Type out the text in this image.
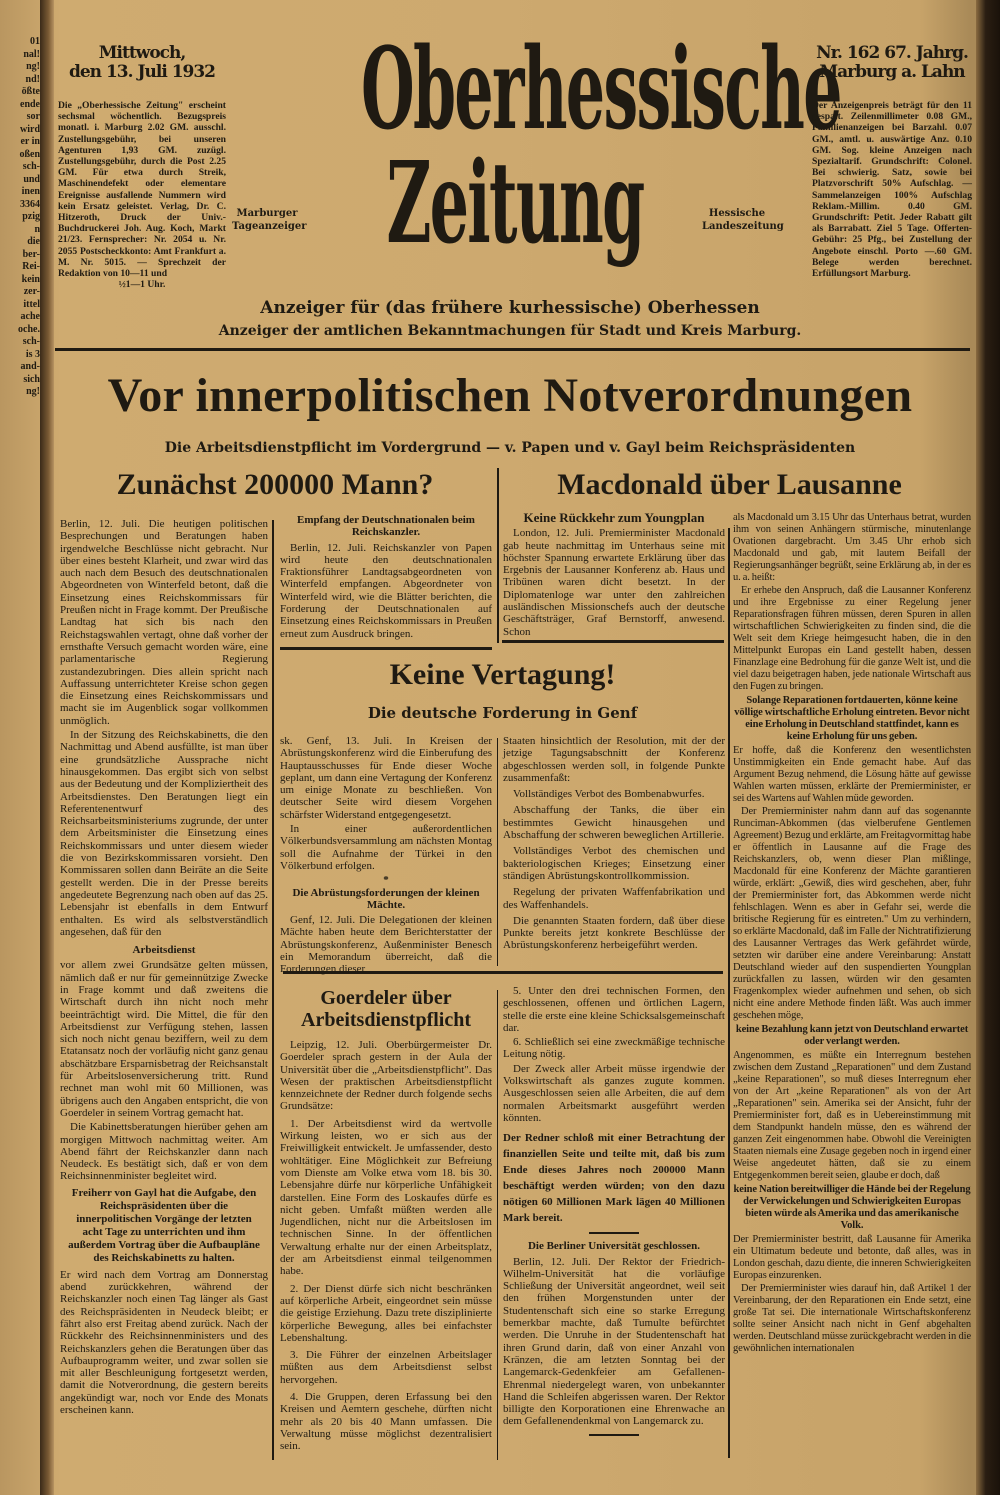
01
nal!
ng!
nd!
ößte
ende
sor
wird
er in
oßen
sch-
und
inen
3364
pzig
n
die
ber-
Rei-
kein
zer-
ittel
ache
oche.
sch-
is 3
and-
sich
ng!
Mittwoch,
den 13. Juli 1932
Die „Oberhessische Zeitung" erscheint sechsmal wöchentlich. Bezugspreis monatl. i. Marburg 2.02 GM. ausschl. Zustellungsgebühr, bei unseren Agenturen 1,93 GM. zuzügl. Zustellungsgebühr, durch die Post 2.25 GM. Für etwa durch Streik, Maschinendefekt oder elementare Ereignisse ausfallende Nummern wird kein Ersatz geleistet. Verlag, Dr. C. Hitzeroth, Druck der Univ.-Buchdruckerei Joh. Aug. Koch, Markt 21/23. Fernsprecher: Nr. 2054 u. Nr. 2055 Postscheckkonto: Amt Frankfurt a. M. Nr. 5015. — Sprechzeit der Redaktion von 10—11 und
½1—1 Uhr.
Oberhessische
Zeitung
Marburger Tageanzeiger
Hessische Landeszeitung
Nr. 162 67. Jahrg.
Marburg a. Lahn
Der Anzeigenpreis beträgt für den 11 gespalt. Zeilenmillimeter 0.08 GM., Familienanzeigen bei Barzahl. 0.07 GM., amtl. u. auswärtige Anz. 0.10 GM. Sog. kleine Anzeigen nach Spezialtarif. Grundschrift: Colonel. Bei schwierig. Satz, sowie bei Platzvorschrift 50% Aufschlag. — Sammelanzeigen 100% Aufschlag Reklam.-Millim. 0.40 GM. Grundschrift: Petit. Jeder Rabatt gilt als Barrabatt. Ziel 5 Tage. Offerten-Gebühr: 25 Pfg., bei Zustellung der Angebote einschl. Porto —.60 GM. Belege werden berechnet. Erfüllungsort Marburg.
Anzeiger für (das frühere kurhessische) Oberhessen
Anzeiger der amtlichen Bekanntmachungen für Stadt und Kreis Marburg.
Vor innerpolitischen Notverordnungen
Die Arbeitsdienstpflicht im Vordergrund — v. Papen und v. Gayl beim Reichspräsidenten
Zunächst 200000 Mann?	Macdonald über Lausanne

Berlin, 12. Juli. Die heutigen politischen Besprechungen und Beratungen haben irgendwelche Beschlüsse nicht gebracht. Nur über eines besteht Klarheit, und zwar wird das auch nach dem Besuch des deutschnationalen Abgeordneten von Winterfeld betont, daß die Einsetzung eines Reichskommissars für Preußen nicht in Frage kommt. Der Preußische Landtag hat sich bis nach den Reichstagswahlen vertagt, ohne daß vorher der ernsthafte Versuch gemacht worden wäre, eine parlamentarische Regierung zustandezubringen. Dies allein spricht nach Auffassung unterrichteter Kreise schon gegen die Einsetzung eines Reichskommissars und macht sie im Augenblick sogar vollkommen unmöglich.

In der Sitzung des Reichskabinetts, die den Nachmittag und Abend ausfüllte, ist man über eine grundsätzliche Aussprache nicht hinausgekommen. Das ergibt sich von selbst aus der Bedeutung und der Kompliziertheit des Arbeitsdienstes. Den Beratungen liegt ein Referentenentwurf des Reichsarbeitsministeriums zugrunde, der unter dem Arbeitsminister die Einsetzung eines Reichskommissars und unter diesem wieder die von Bezirkskommissaren vorsieht. Den Kommissaren sollen dann Beiräte an die Seite gestellt werden. Die in der Presse bereits angedeutete Begrenzung nach oben auf das 25. Lebensjahr ist ebenfalls in dem Entwurf enthalten. Es wird als selbstverständlich angesehen, daß für den

Arbeitsdienst

vor allem zwei Grundsätze gelten müssen, nämlich daß er nur für gemeinnützige Zwecke in Frage kommt und daß zweitens die Wirtschaft durch ihn nicht noch mehr beeinträchtigt wird. Die Mittel, die für den Arbeitsdienst zur Verfügung stehen, lassen sich noch nicht genau beziffern, weil zu dem Etatansatz noch der vorläufig nicht ganz genau abschätzbare Ersparnisbetrag der Reichsanstalt für Arbeitslosenversicherung tritt. Rund rechnet man wohl mit 60 Millionen, was übrigens auch den Angaben entspricht, die von Goerdeler in seinem Vortrag gemacht hat.

Die Kabinettsberatungen hierüber gehen am morgigen Mittwoch nachmittag weiter. Am Abend fährt der Reichskanzler dann nach Neudeck. Es bestätigt sich, daß er von dem Reichsinnenminister begleitet wird.

Freiherr von Gayl hat die Aufgabe, den Reichspräsidenten über die innerpolitischen Vorgänge der letzten acht Tage zu unterrichten und ihm außerdem Vortrag über die Aufbaupläne des Reichskabinetts zu halten.

Er wird nach dem Vortrag am Donnerstag abend zurückkehren, während der Reichskanzler noch einen Tag länger als Gast des Reichspräsidenten in Neudeck bleibt; er fährt also erst Freitag abend zurück. Nach der Rückkehr des Reichsinnenministers und des Reichskanzlers gehen die Beratungen über das Aufbauprogramm weiter, und zwar sollen sie mit aller Beschleunigung fortgesetzt werden, damit die Notverordnung, die gestern bereits angekündigt war, noch vor Ende des Monats erscheinen kann.

Empfang der Deutschnationalen beim Reichskanzler.

Berlin, 12. Juli. Reichskanzler von Papen wird heute den deutschnationalen Fraktionsführer Landtagsabgeordneten von Winterfeld empfangen. Abgeordneter von Winterfeld wird, wie die Blätter berichten, die Forderung der Deutschnationalen auf Einsetzung eines Reichskommissars in Preußen erneut zum Ausdruck bringen.

Keine Rückkehr zum Youngplan

London, 12. Juli. Premierminister Macdonald gab heute nachmittag im Unterhaus seine mit höchster Spannung erwartete Erklärung über das Ergebnis der Lausanner Konferenz ab. Haus und Tribünen waren dicht besetzt. In der Diplomatenloge war unter den zahlreichen ausländischen Missionschefs auch der deutsche Geschäftsträger, Graf Bernstorff, anwesend. Schon

Keine Vertagung!
Die deutsche Forderung in Genf

sk. Genf, 13. Juli. In Kreisen der Abrüstungskonferenz wird die Einberufung des Hauptausschusses für Ende dieser Woche geplant, um dann eine Vertagung der Konferenz um einige Monate zu beschließen. Von deutscher Seite wird diesem Vorgehen schärfster Widerstand entgegengesetzt.

In einer außerordentlichen Völkerbundsversammlung am nächsten Montag soll die Aufnahme der Türkei in den Völkerbund erfolgen.

*
Die Abrüstungsforderungen der kleinen Mächte.

Genf, 12. Juli. Die Delegationen der kleinen Mächte haben heute dem Berichterstatter der Abrüstungskonferenz, Außenminister Benesch ein Memorandum überreicht, daß die Forderungen dieser

Staaten hinsichtlich der Resolution, mit der der jetzige Tagungsabschnitt der Konferenz abgeschlossen werden soll, in folgende Punkte zusammenfaßt:

Vollständiges Verbot des Bombenabwurfes.

Abschaffung der Tanks, die über ein bestimmtes Gewicht hinausgehen und Abschaffung der schweren beweglichen Artillerie.

Vollständiges Verbot des chemischen und bakteriologischen Krieges; Einsetzung einer ständigen Abrüstungskontrollkommission.

Regelung der privaten Waffenfabrikation und des Waffenhandels.

Die genannten Staaten fordern, daß über diese Punkte bereits jetzt konkrete Beschlüsse der Abrüstungskonferenz herbeigeführt werden.

Goerdeler über Arbeitsdienstpflicht

Leipzig, 12. Juli. Oberbürgermeister Dr. Goerdeler sprach gestern in der Aula der Universität über die „Arbeitsdienstpflicht". Das Wesen der praktischen Arbeitsdienstpflicht kennzeichnete der Redner durch folgende sechs Grundsätze:

1. Der Arbeitsdienst wird da wertvolle Wirkung leisten, wo er sich aus der Freiwilligkeit entwickelt. Je umfassender, desto wohltätiger. Eine Möglichkeit zur Befreiung vom Dienste am Volke etwa vom 18. bis 30. Lebensjahre dürfe nur körperliche Unfähigkeit darstellen. Eine Form des Loskaufes dürfe es nicht geben. Umfaßt müßten werden alle Jugendlichen, nicht nur die Arbeitslosen im technischen Sinne. In der öffentlichen Verwaltung erhalte nur der einen Arbeitsplatz, der am Arbeitsdienst einmal teilgenommen habe.

2. Der Dienst dürfe sich nicht beschränken auf körperliche Arbeit, eingeordnet sein müsse die geistige Erziehung. Dazu trete disziplinierte körperliche Bewegung, alles bei einfachster Lebenshaltung.

3. Die Führer der einzelnen Arbeitslager müßten aus dem Arbeitsdienst selbst hervorgehen.

4. Die Gruppen, deren Erfassung bei den Kreisen und Aemtern geschehe, dürften nicht mehr als 20 bis 40 Mann umfassen. Die Verwaltung müsse möglichst dezentralisiert sein.

5. Unter den drei technischen Formen, den geschlossenen, offenen und örtlichen Lagern, stelle die erste eine kleine Schicksalsgemeinschaft dar.

6. Schließlich sei eine zweckmäßige technische Leitung nötig.

Der Zweck aller Arbeit müsse irgendwie der Volkswirtschaft als ganzes zugute kommen. Ausgeschlossen seien alle Arbeiten, die auf dem normalen Arbeitsmarkt ausgeführt werden könnten.

Der Redner schloß mit einer Betrachtung der finanziellen Seite und teilte mit, daß bis zum Ende dieses Jahres noch 200000 Mann beschäftigt werden würden; von den dazu nötigen 60 Millionen Mark lägen 40 Millionen Mark bereit.
Die Berliner Universität geschlossen.

Berlin, 12. Juli. Der Rektor der Friedrich-Wilhelm-Universität hat die vorläufige Schließung der Universität angeordnet, weil seit den frühen Morgenstunden unter der Studentenschaft sich eine so starke Erregung bemerkbar machte, daß Tumulte befürchtet werden. Die Unruhe in der Studentenschaft hat ihren Grund darin, daß von einer Anzahl von Kränzen, die am letzten Sonntag bei der Langemarck-Gedenkfeier am Gefallenen-Ehrenmal niedergelegt waren, von unbekannter Hand die Schleifen abgerissen waren. Der Rektor billigte den Korporationen eine Ehrenwache an dem Gefallenendenkmal von Langemarck zu.

als Macdonald um 3.15 Uhr das Unterhaus betrat, wurden ihm von seinen Anhängern stürmische, minutenlange Ovationen dargebracht. Um 3.45 Uhr erhob sich Macdonald und gab, mit lautem Beifall der Regierungsanhänger begrüßt, seine Erklärung ab, in der es u. a. heißt:

Er erhebe den Anspruch, daß die Lausanner Konferenz und ihre Ergebnisse zu einer Regelung jener Reparationsfragen führen müssen, deren Spuren in allen wirtschaftlichen Schwierigkeiten zu finden sind, die die Welt seit dem Kriege heimgesucht haben, die in den Mittelpunkt Europas ein Land gestellt haben, dessen Finanzlage eine Bedrohung für die ganze Welt ist, und die viel dazu beigetragen haben, jede nationale Wirtschaft aus den Fugen zu bringen.

Solange Reparationen fortdauerten, könne keine völlige wirtschaftliche Erholung eintreten. Bevor nicht eine Erholung in Deutschland stattfindet, kann es keine Erholung für uns geben.

Er hoffe, daß die Konferenz den wesentlichsten Unstimmigkeiten ein Ende gemacht habe. Auf das Argument Bezug nehmend, die Lösung hätte auf gewisse Wahlen warten müssen, erklärte der Premierminister, er sei des Wartens auf Wahlen müde geworden.

Der Premierminister nahm dann auf das sogenannte Runciman-Abkommen (das vielberufene Gentlemen Agreement) Bezug und erklärte, am Freitagvormittag habe er öffentlich in Lausanne auf die Frage des Reichskanzlers, ob, wenn dieser Plan mißlinge, Macdonald für eine Konferenz der Mächte garantieren würde, erklärt: „Gewiß, dies wird geschehen, aber, fuhr der Premierminister fort, das Abkommen werde nicht fehlschlagen. Wenn es aber in Gefahr sei, werde die britische Regierung für es eintreten." Um zu verhindern, so erklärte Macdonald, daß im Falle der Nichtratifizierung des Lausanner Vertrages das Werk gefährdet würde, setzten wir darüber eine andere Vereinbarung: Anstatt Deutschland wieder auf den suspendierten Youngplan zurückfallen zu lassen, würden wir den gesamten Fragenkomplex wieder aufnehmen und sehen, ob sich nicht eine andere Methode finden läßt. Was auch immer geschehen möge,

keine Bezahlung kann jetzt von Deutschland erwartet oder verlangt werden.

Angenommen, es müßte ein Interregnum bestehen zwischen dem Zustand „Reparationen" und dem Zustand „keine Reparationen", so muß dieses Interregnum eher von der Art „keine Reparationen" als von der Art „Reparationen" sein. Amerika sei der Ansicht, fuhr der Premierminister fort, daß es in Uebereinstimmung mit dem Standpunkt handeln müsse, den es während der ganzen Zeit eingenommen habe. Obwohl die Vereinigten Staaten niemals eine Zusage gegeben noch in irgend einer Weise angedeutet hätten, daß sie zu einem Entgegenkommen bereit seien, glaube er doch, daß

keine Nation bereitwilliger die Hände bei der Regelung der Verwickelungen und Schwierigkeiten Europas bieten würde als Amerika und das amerikanische Volk.

Der Premierminister bestritt, daß Lausanne für Amerika ein Ultimatum bedeute und betonte, daß alles, was in London geschah, dazu diente, die inneren Schwierigkeiten Europas einzurenken.

Der Premierminister wies darauf hin, daß Artikel 1 der Vereinbarung, der den Reparationen ein Ende setzt, eine große Tat sei. Die internationale Wirtschaftskonferenz sollte seiner Ansicht nach nicht in Genf abgehalten werden. Deutschland müsse zurückgebracht werden in die gewöhnlichen internationalen
